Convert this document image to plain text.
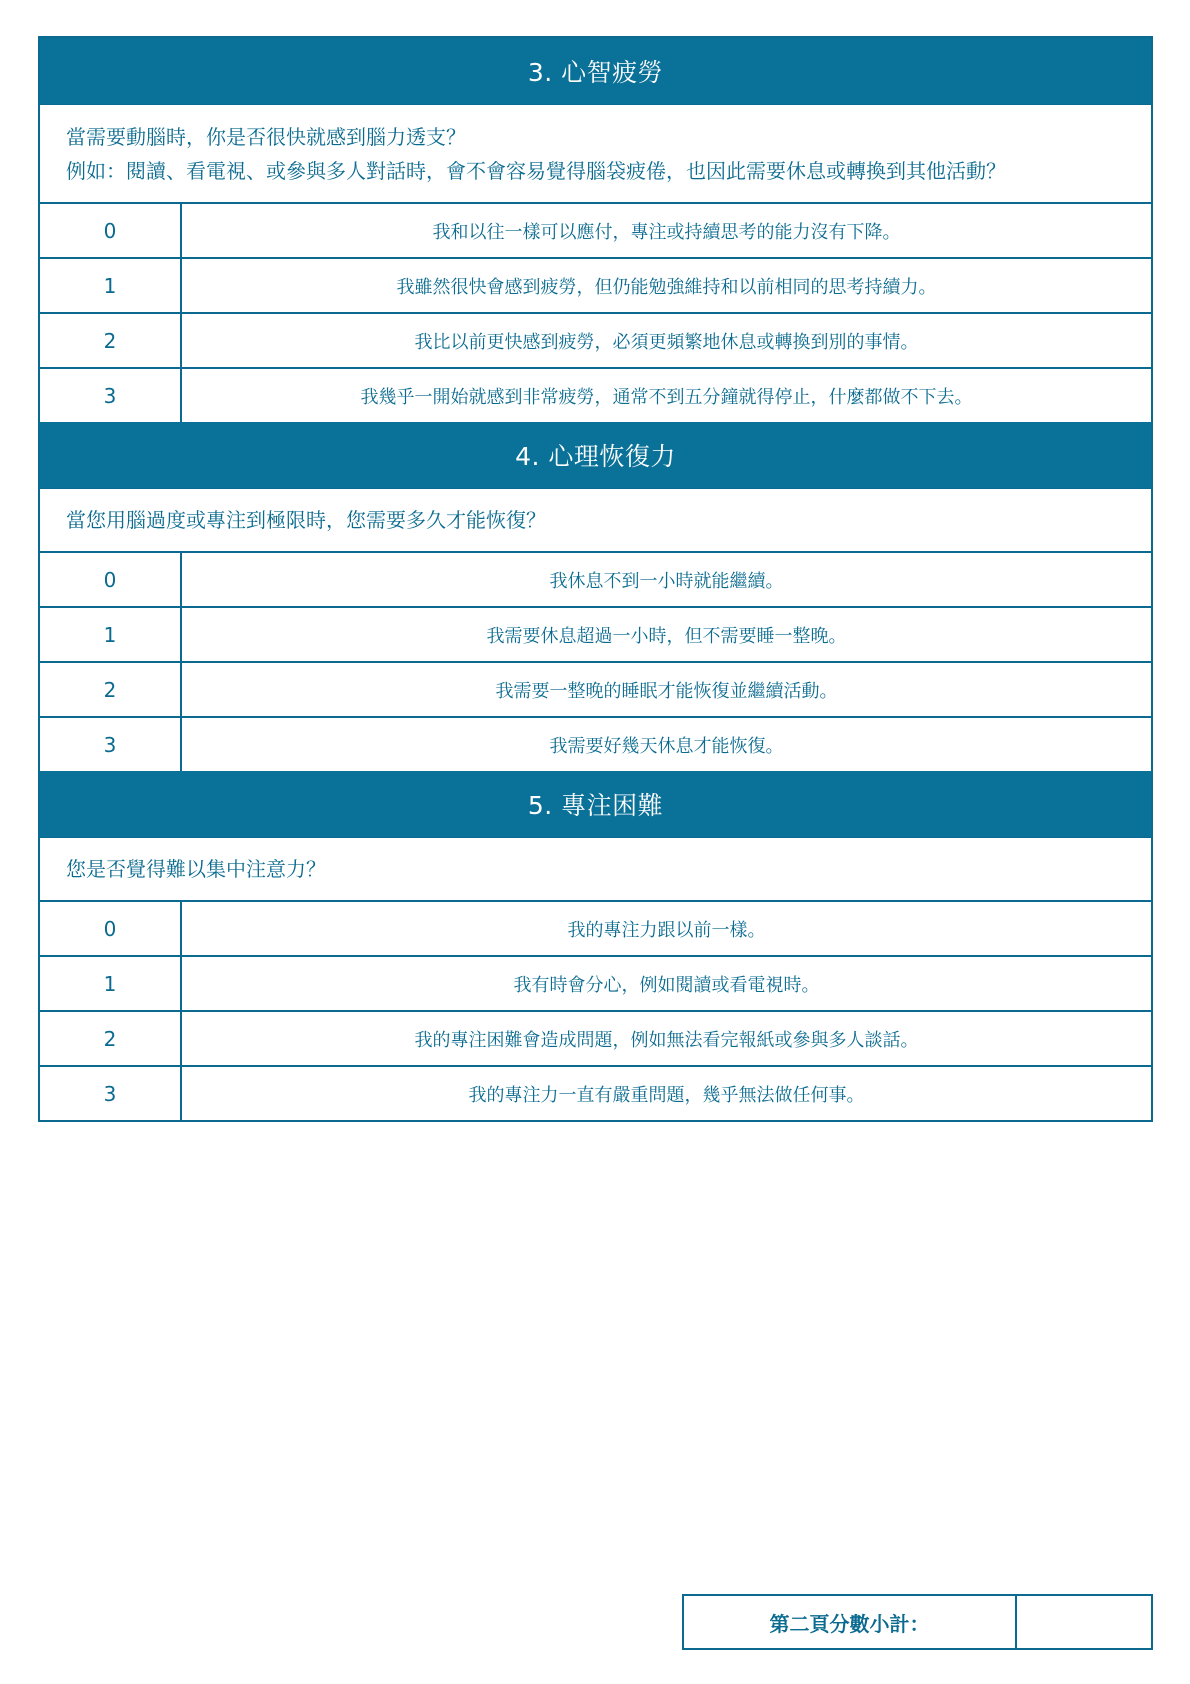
3. 心智疲勞
當需要動腦時，你是否很快就感到腦力透支？
例如：閱讀、看電視、或參與多人對話時，會不會容易覺得腦袋疲倦，也因此需要休息或轉換到其他活動？
0	我和以往一樣可以應付，專注或持續思考的能力沒有下降。
1	我雖然很快會感到疲勞，但仍能勉強維持和以前相同的思考持續力。
2	我比以前更快感到疲勞，必須更頻繁地休息或轉換到別的事情。
3	我幾乎一開始就感到非常疲勞，通常不到五分鐘就得停止，什麼都做不下去。
4. 心理恢復力
當您用腦過度或專注到極限時，您需要多久才能恢復？
0	我休息不到一小時就能繼續。
1	我需要休息超過一小時，但不需要睡一整晚。
2	我需要一整晚的睡眠才能恢復並繼續活動。
3	我需要好幾天休息才能恢復。
5. 專注困難
您是否覺得難以集中注意力？
0	我的專注力跟以前一樣。
1	我有時會分心，例如閱讀或看電視時。
2	我的專注困難會造成問題，例如無法看完報紙或參與多人談話。
3	我的專注力一直有嚴重問題，幾乎無法做任何事。
第二頁分數小計：
